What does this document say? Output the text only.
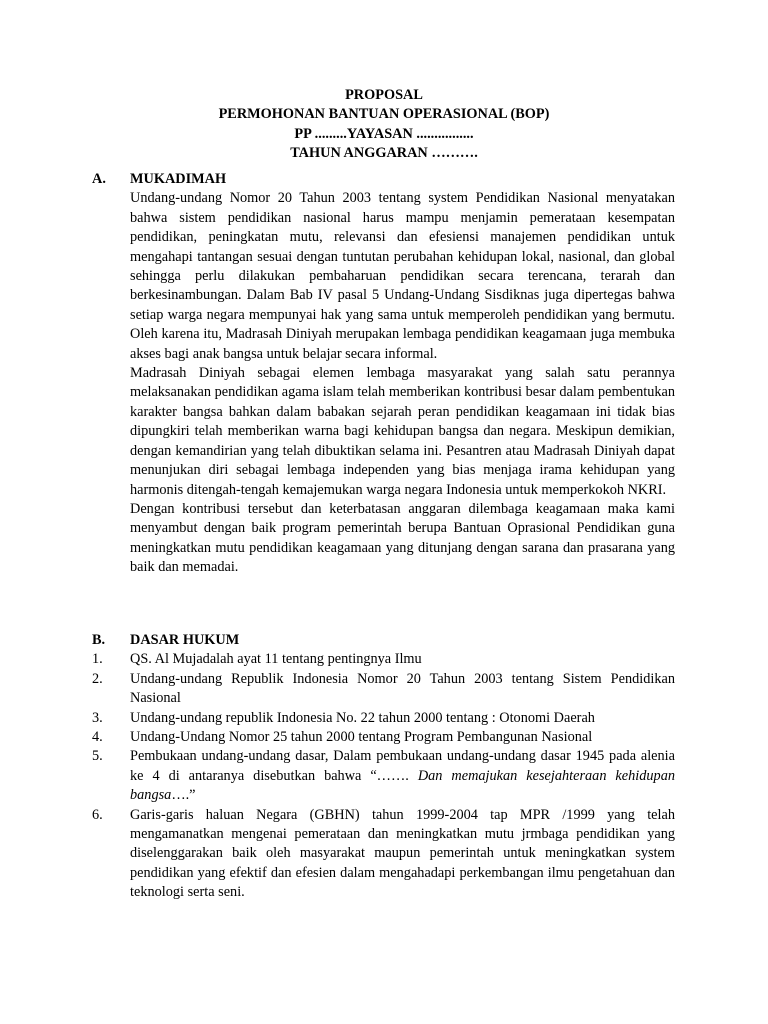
PROPOSAL
PERMOHONAN BANTUAN OPERASIONAL (BOP)
PP .........YAYASAN ................
TAHUN ANGGARAN ……….
A.	MUKADIMAH

Undang-undang Nomor 20 Tahun 2003 tentang system Pendidikan Nasional menyatakan bahwa sistem pendidikan nasional harus mampu menjamin pemerataan kesempatan pendidikan, peningkatan mutu, relevansi dan efesiensi manajemen pendidikan untuk mengahapi tantangan sesuai dengan tuntutan perubahan kehidupan lokal, nasional, dan global sehingga perlu dilakukan pembaharuan pendidikan secara terencana, terarah dan berkesinambungan. Dalam Bab IV pasal 5 Undang-Undang Sisdiknas juga dipertegas bahwa setiap warga negara mempunyai hak yang sama untuk memperoleh pendidikan yang bermutu. Oleh karena itu, Madrasah Diniyah merupakan lembaga pendidikan keagamaan juga membuka akses bagi anak bangsa untuk belajar secara informal.

Madrasah Diniyah sebagai elemen lembaga masyarakat yang salah satu perannya melaksanakan pendidikan agama islam telah memberikan kontribusi besar dalam pembentukan karakter bangsa bahkan dalam babakan sejarah peran pendidikan keagamaan ini tidak bias dipungkiri telah memberikan warna bagi kehidupan bangsa dan negara. Meskipun demikian, dengan kemandirian yang telah dibuktikan selama ini. Pesantren atau Madrasah Diniyah dapat menunjukan diri sebagai lembaga independen yang bias menjaga irama kehidupan yang harmonis ditengah-tengah kemajemukan warga negara Indonesia untuk memperkokoh NKRI.

Dengan kontribusi tersebut dan keterbatasan anggaran dilembaga keagamaan maka kami menyambut dengan baik program pemerintah berupa Bantuan Oprasional Pendidikan guna meningkatkan mutu pendidikan keagamaan yang ditunjang dengan sarana dan prasarana yang baik dan memadai.

B.	DASAR HUKUM
1.	QS. Al Mujadalah ayat 11 tentang pentingnya Ilmu
2.	Undang-undang Republik Indonesia Nomor 20 Tahun 2003 tentang Sistem Pendidikan Nasional
3.	Undang-undang republik Indonesia No. 22 tahun 2000 tentang : Otonomi Daerah
4.	Undang-Undang Nomor 25 tahun 2000 tentang Program Pembangunan Nasional
5.	Pembukaan undang-undang dasar, Dalam pembukaan undang-undang dasar 1945 pada alenia ke 4 di antaranya disebutkan bahwa “……. Dan memajukan kesejahteraan kehidupan bangsa….”
6.	Garis-garis haluan Negara (GBHN) tahun 1999-2004 tap MPR /1999 yang telah mengamanatkan mengenai pemerataan dan meningkatkan mutu jrmbaga pendidikan yang diselenggarakan baik oleh masyarakat maupun pemerintah untuk meningkatkan system pendidikan yang efektif dan efesien dalam mengahadapi perkembangan ilmu pengetahuan dan teknologi serta seni.
